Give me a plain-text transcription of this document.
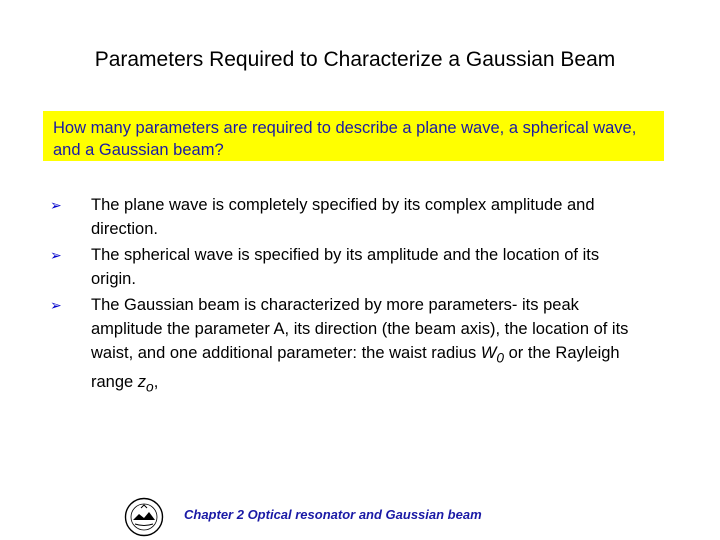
Parameters Required to Characterize a Gaussian Beam
How many parameters are required to describe a plane wave, a spherical wave, and a Gaussian beam?
➢ The plane wave is completely specified by its complex amplitude and direction.
➢ The spherical wave is specified by its amplitude and the location of its origin.
➢ The Gaussian beam is characterized by more parameters- its peak amplitude the parameter A, its direction (the beam axis), the location of its waist, and one additional parameter: the waist radius $W_0$ or the Rayleigh range $z_o$,
Chapter 2 Optical resonator and Gaussian beam
